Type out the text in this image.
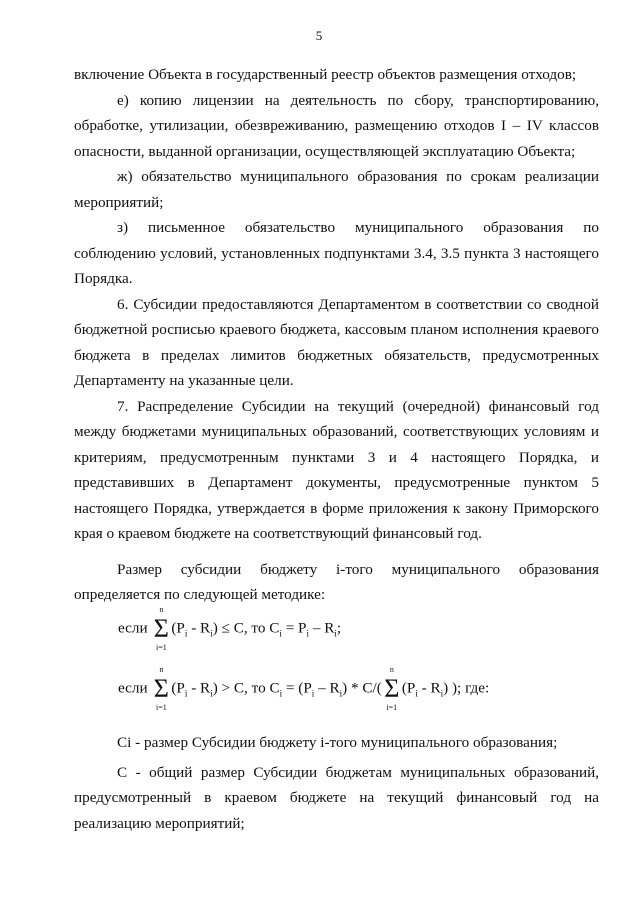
5

включение Объекта в государственный реестр объектов размещения отходов;

е) копию лицензии на деятельность по сбору, транспортированию, обработке, утилизации, обезвреживанию, размещению отходов I – IV классов опасности, выданной организации, осуществляющей эксплуатацию Объекта;

ж) обязательство муниципального образования по срокам реализации мероприятий;

з) письменное обязательство муниципального образования по соблюдению условий, установленных подпунктами 3.4, 3.5 пункта 3 настоящего Порядка.

6. Субсидии предоставляются Департаментом в соответствии со сводной бюджетной росписью краевого бюджета, кассовым планом исполнения краевого бюджета в пределах лимитов бюджетных обязательств, предусмотренных Департаменту на указанные цели.

7. Распределение Субсидии на текущий (очередной) финансовый год между бюджетами муниципальных образований, соответствующих условиям и критериям, предусмотренным пунктами 3 и 4 настоящего Порядка, и представивших в Департамент документы, предусмотренные пунктом 5 настоящего Порядка, утверждается в форме приложения к закону Приморского края о краевом бюджете на соответствующий финансовый год.

Размер субсидии бюджету i-того муниципального образования определяется по следующей методике:

если
n
Σ
i=1
$(P_i - R_i) \le C$, то $C_i = P_i - R_i$;
если
n
Σ
i=1
$(P_i - R_i) > C$, то $C_i = (P_i - R_i) * C/$(
n
Σ
i=1
$(P_i - R_i)$ ); где:

Ci - размер Субсидии бюджету i-того муниципального образования;

C - общий размер Субсидии бюджетам муниципальных образований, предусмотренный в краевом бюджете на текущий финансовый год на реализацию мероприятий;
